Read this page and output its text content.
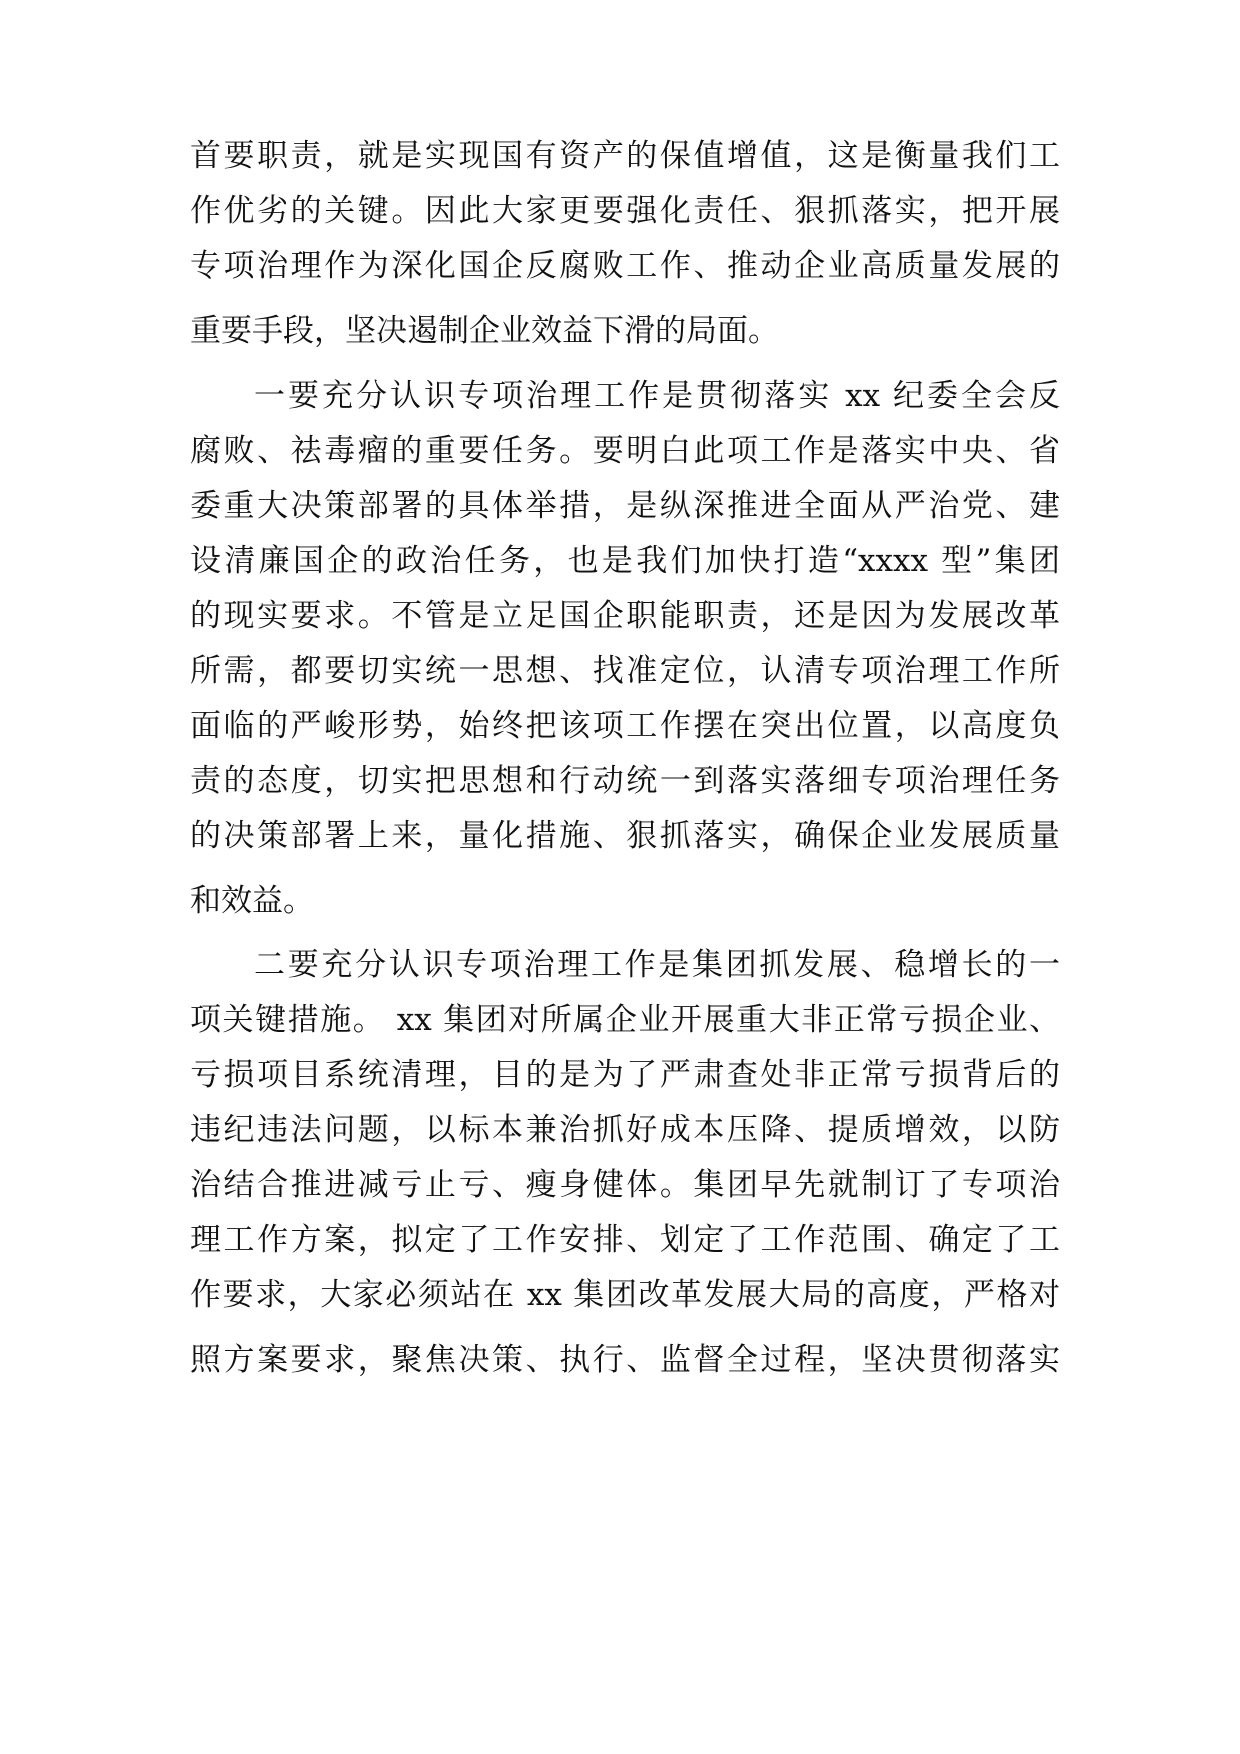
首要职责，就是实现国有资产的保值增值，这是衡量我们工
作优劣的关键。因此大家更要强化责任、狠抓落实，把开展
专项治理作为深化国企反腐败工作、推动企业高质量发展的
重要手段，坚决遏制企业效益下滑的局面。
一要充分认识专项治理工作是贯彻落实 xx 纪委全会反
腐败、祛毒瘤的重要任务。要明白此项工作是落实中央、省
委重大决策部署的具体举措，是纵深推进全面从严治党、建
设清廉国企的政治任务，也是我们加快打造“xxxx 型”集团
的现实要求。不管是立足国企职能职责，还是因为发展改革
所需，都要切实统一思想、找准定位，认清专项治理工作所
面临的严峻形势，始终把该项工作摆在突出位置，以高度负
责的态度，切实把思想和行动统一到落实落细专项治理任务
的决策部署上来，量化措施、狠抓落实，确保企业发展质量
和效益。
二要充分认识专项治理工作是集团抓发展、稳增长的一
项关键措施。 xx 集团对所属企业开展重大非正常亏损企业、
亏损项目系统清理，目的是为了严肃查处非正常亏损背后的
违纪违法问题，以标本兼治抓好成本压降、提质增效，以防
治结合推进减亏止亏、瘦身健体。集团早先就制订了专项治
理工作方案，拟定了工作安排、划定了工作范围、确定了工
作要求，大家必须站在 xx 集团改革发展大局的高度，严格对
照方案要求，聚焦决策、执行、监督全过程，坚决贯彻落实
